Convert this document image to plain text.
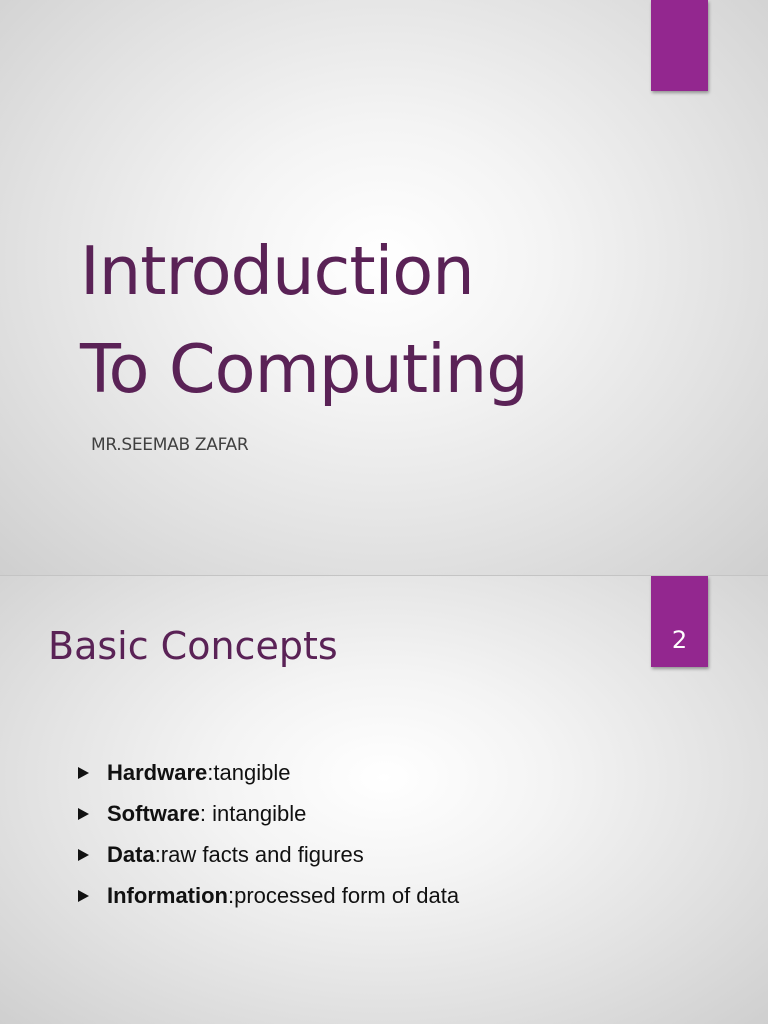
Introduction
To Computing
MR.SEEMAB ZAFAR
2
Basic Concepts
Hardware :tangible
Software : intangible
Data :raw facts and figures
Information :processed form of data
